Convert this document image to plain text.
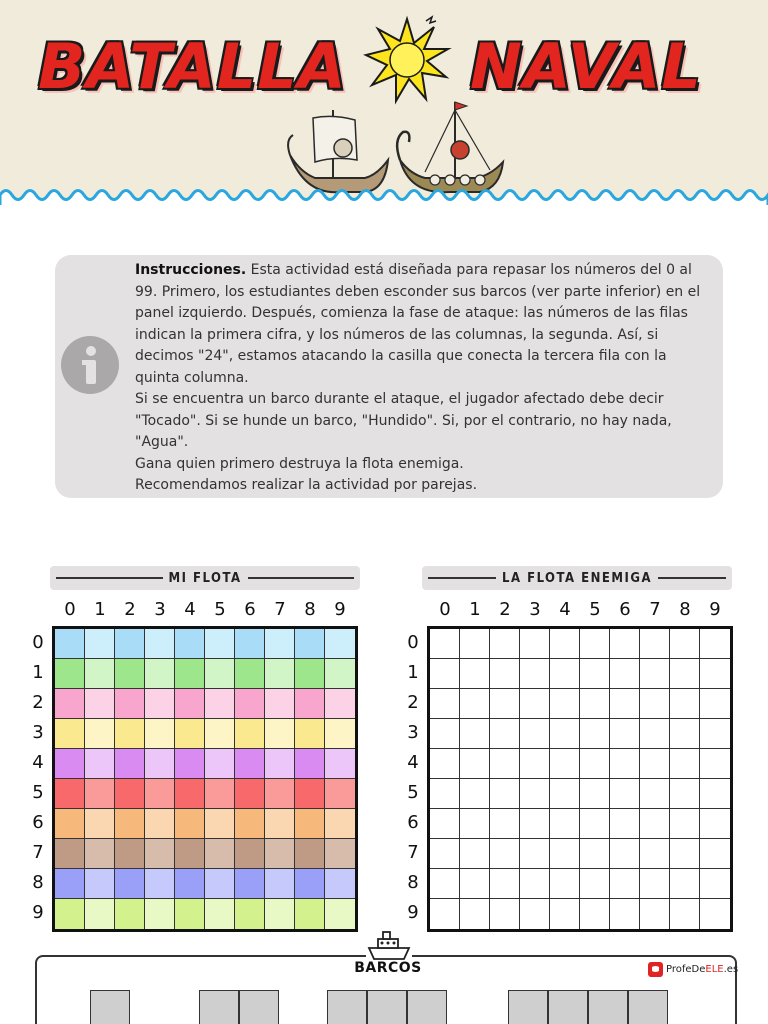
BATALLA NAVAL

Instrucciones. Esta actividad está diseñada para repasar los números del 0 al 99. Primero, los estudiantes deben esconder sus barcos (ver parte inferior) en el panel izquierdo. Después, comienza la fase de ataque: las números de las filas indican la primera cifra, y los números de las columnas, la segunda. Así, si decimos "24", estamos atacando la casilla que conecta la tercera fila con la quinta columna.

Si se encuentra un barco durante el ataque, el jugador afectado debe decir "Tocado". Si se hunde un barco, "Hundido". Si, por el contrario, no hay nada, "Agua".

Gana quien primero destruya la flota enemiga.

Recomendamos realizar la actividad por parejas.

MI FLOTA	LA FLOTA ENEMIGA
0	1	2	3	4	5	6	7	8	9
0
1
2
3
4
5
6
7
8
9
0	1	2	3	4	5	6	7	8	9
0
1
2
3
4
5
6
7
8
9
BARCOS	ProfeDeELE.es
